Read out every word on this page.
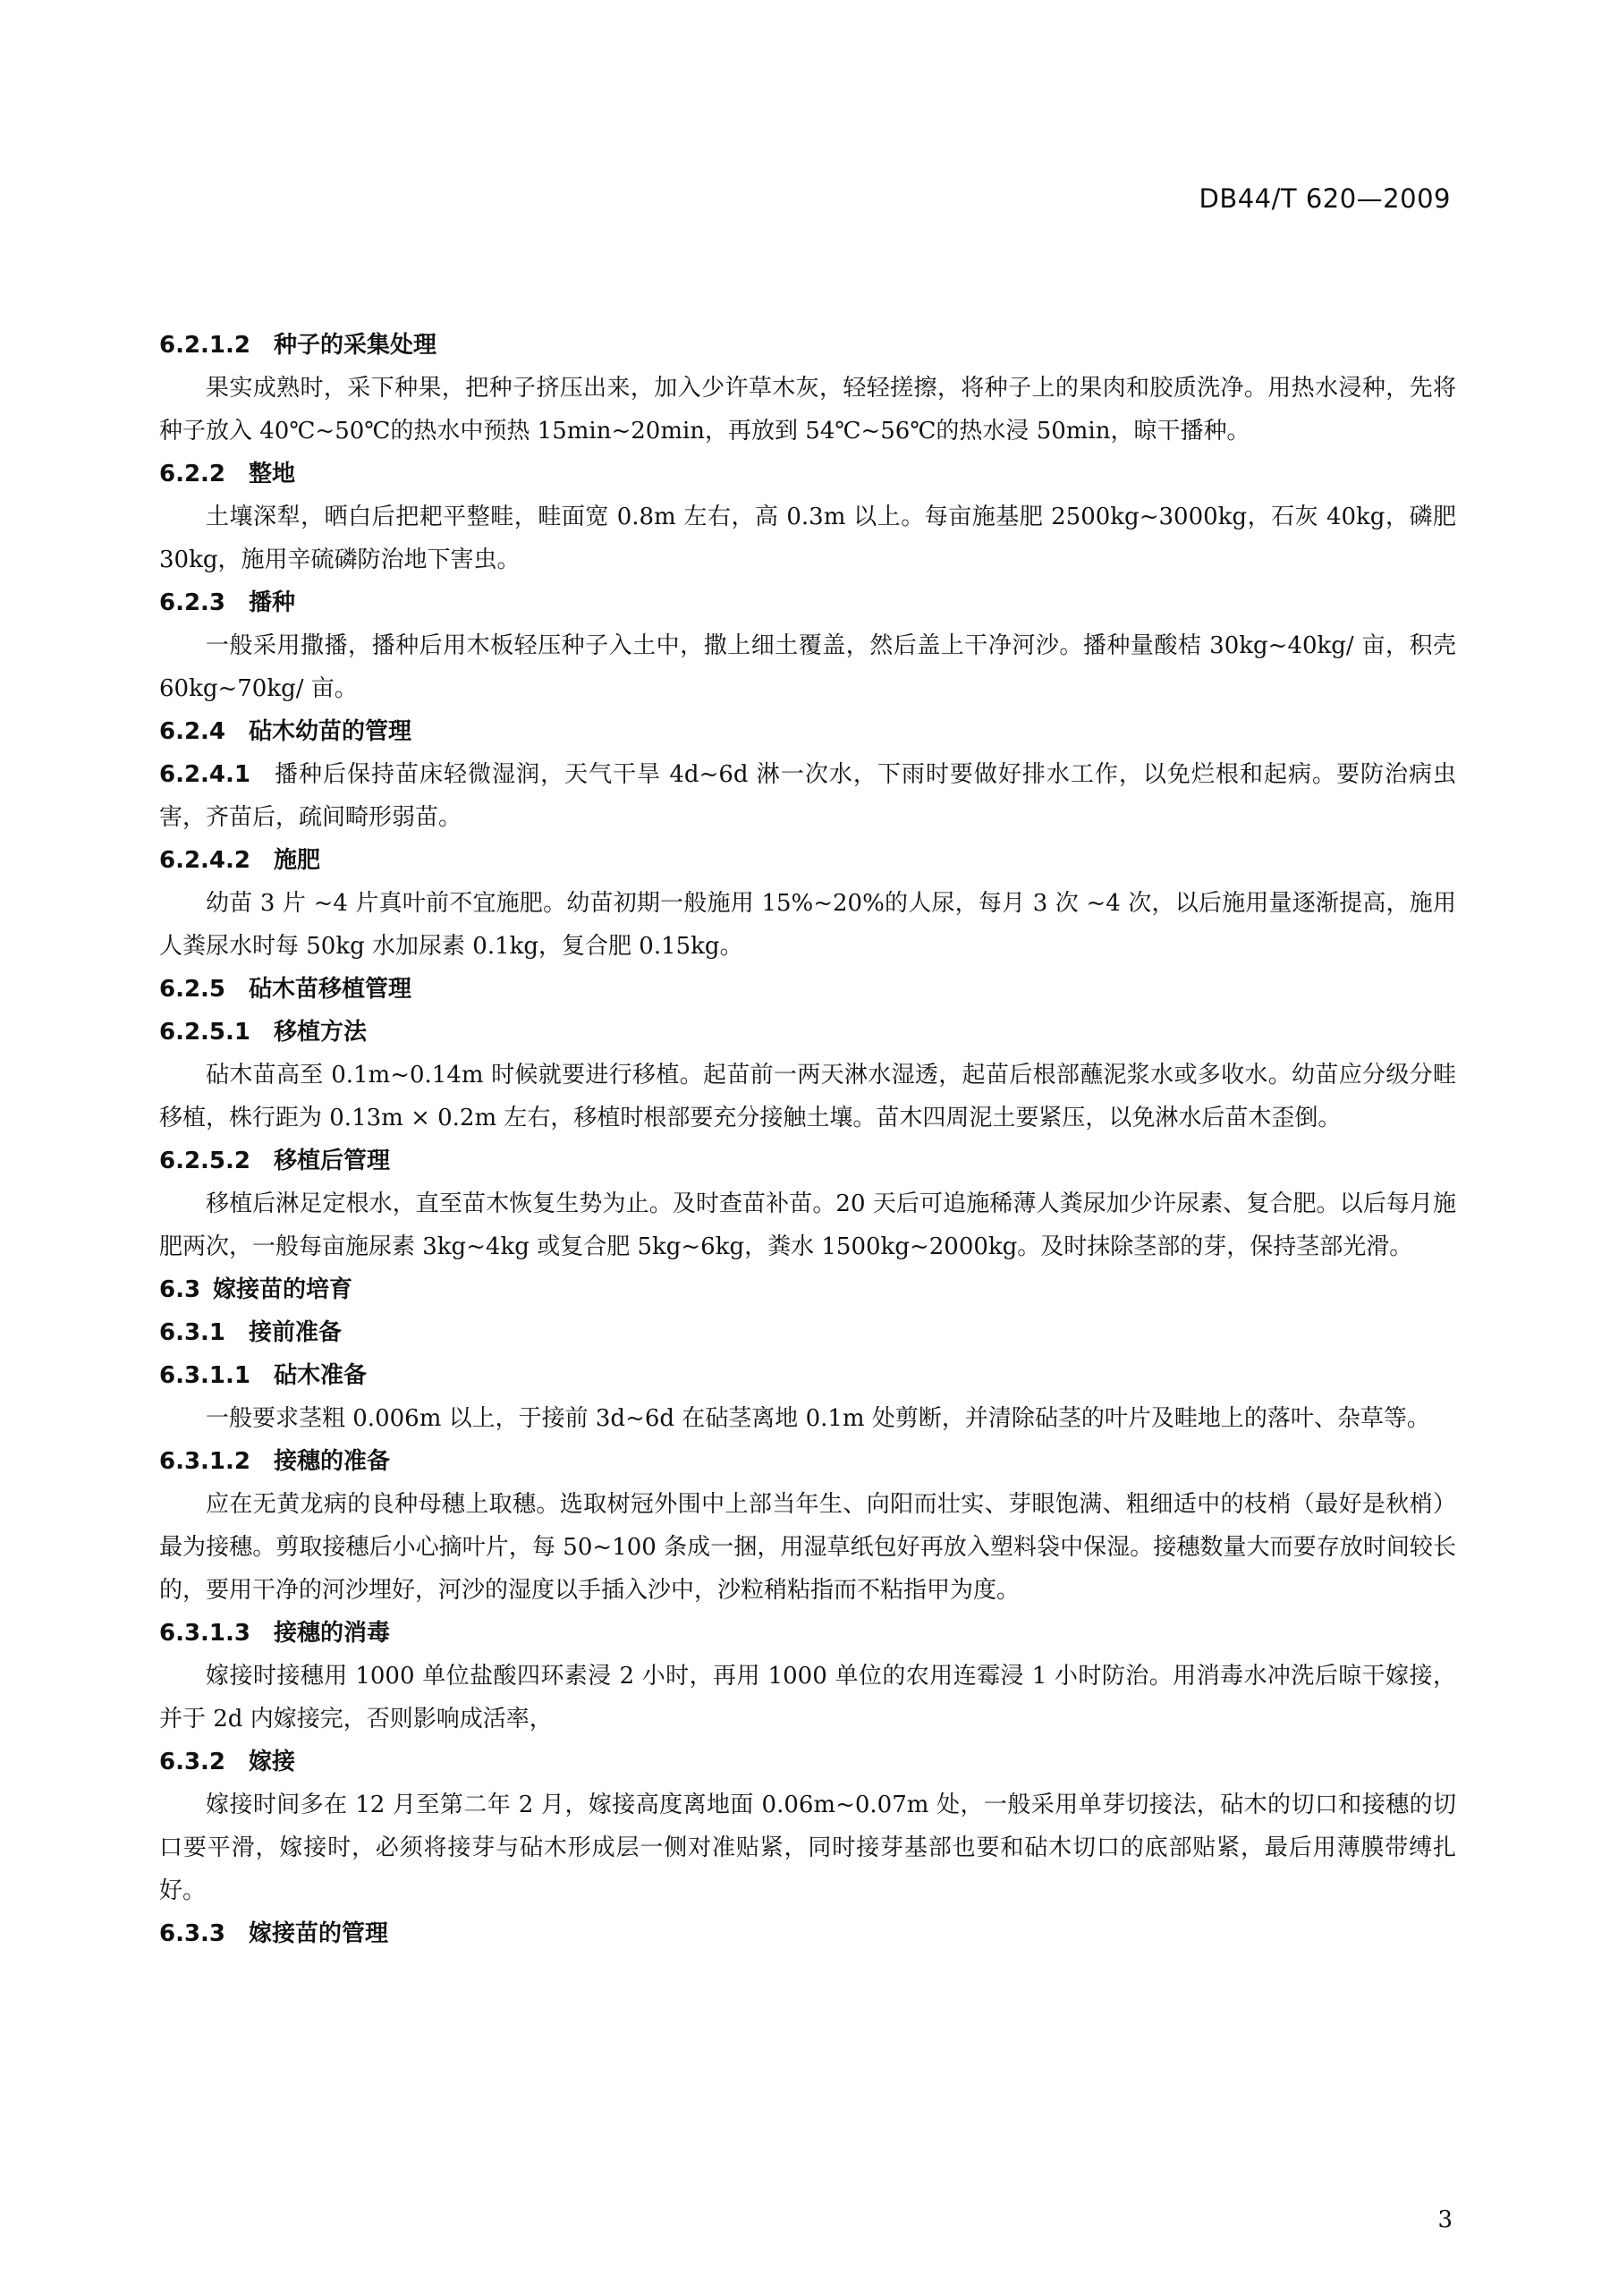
DB44/T 620—2009
6.2.1.2 种子的采集处理

果实成熟时，采下种果，把种子挤压出来，加入少许草木灰，轻轻搓擦，将种子上的果肉和胶质洗净。用热水浸种，先将种子放入 40℃~50℃的热水中预热 15min~20min，再放到 54℃~56℃的热水浸 50min，晾干播种。

6.2.2 整地

土壤深犁，晒白后把耙平整畦，畦面宽 0.8m 左右，高 0.3m 以上。每亩施基肥 2500kg~3000kg，石灰 40kg，磷肥 30kg，施用辛硫磷防治地下害虫。

6.2.3 播种

一般采用撒播，播种后用木板轻压种子入土中，撒上细土覆盖，然后盖上干净河沙。播种量酸桔 30kg~40kg/ 亩，积壳 60kg~70kg/ 亩。

6.2.4 砧木幼苗的管理

6.2.4.1 播种后保持苗床轻微湿润，天气干旱 4d~6d 淋一次水，下雨时要做好排水工作，以免烂根和起病。要防治病虫害，齐苗后，疏间畸形弱苗。

6.2.4.2 施肥

幼苗 3 片 ~4 片真叶前不宜施肥。幼苗初期一般施用 15%~20%的人尿，每月 3 次 ~4 次，以后施用量逐渐提高，施用人粪尿水时每 50kg 水加尿素 0.1kg，复合肥 0.15kg。

6.2.5 砧木苗移植管理
6.2.5.1 移植方法

砧木苗高至 0.1m~0.14m 时候就要进行移植。起苗前一两天淋水湿透，起苗后根部蘸泥浆水或多收水。幼苗应分级分畦移植，株行距为 0.13m × 0.2m 左右，移植时根部要充分接触土壤。苗木四周泥土要紧压，以免淋水后苗木歪倒。

6.2.5.2 移植后管理

移植后淋足定根水，直至苗木恢复生势为止。及时查苗补苗。20 天后可追施稀薄人粪尿加少许尿素、复合肥。以后每月施肥两次，一般每亩施尿素 3kg~4kg 或复合肥 5kg~6kg，粪水 1500kg~2000kg。及时抹除茎部的芽，保持茎部光滑。

6.3 嫁接苗的培育
6.3.1 接前准备
6.3.1.1 砧木准备

一般要求茎粗 0.006m 以上，于接前 3d~6d 在砧茎离地 0.1m 处剪断，并清除砧茎的叶片及畦地上的落叶、杂草等。

6.3.1.2 接穗的准备

应在无黄龙病的良种母穗上取穗。选取树冠外围中上部当年生、向阳而壮实、芽眼饱满、粗细适中的枝梢（最好是秋梢）最为接穗。剪取接穗后小心摘叶片，每 50~100 条成一捆，用湿草纸包好再放入塑料袋中保湿。接穗数量大而要存放时间较长的，要用干净的河沙埋好，河沙的湿度以手插入沙中，沙粒稍粘指而不粘指甲为度。

6.3.1.3 接穗的消毒

嫁接时接穗用 1000 单位盐酸四环素浸 2 小时，再用 1000 单位的农用连霉浸 1 小时防治。用消毒水冲洗后晾干嫁接，并于 2d 内嫁接完，否则影响成活率，

6.3.2 嫁接

嫁接时间多在 12 月至第二年 2 月，嫁接高度离地面 0.06m~0.07m 处，一般采用单芽切接法，砧木的切口和接穗的切口要平滑，嫁接时，必须将接芽与砧木形成层一侧对准贴紧，同时接芽基部也要和砧木切口的底部贴紧，最后用薄膜带缚扎好。

6.3.3 嫁接苗的管理
3
